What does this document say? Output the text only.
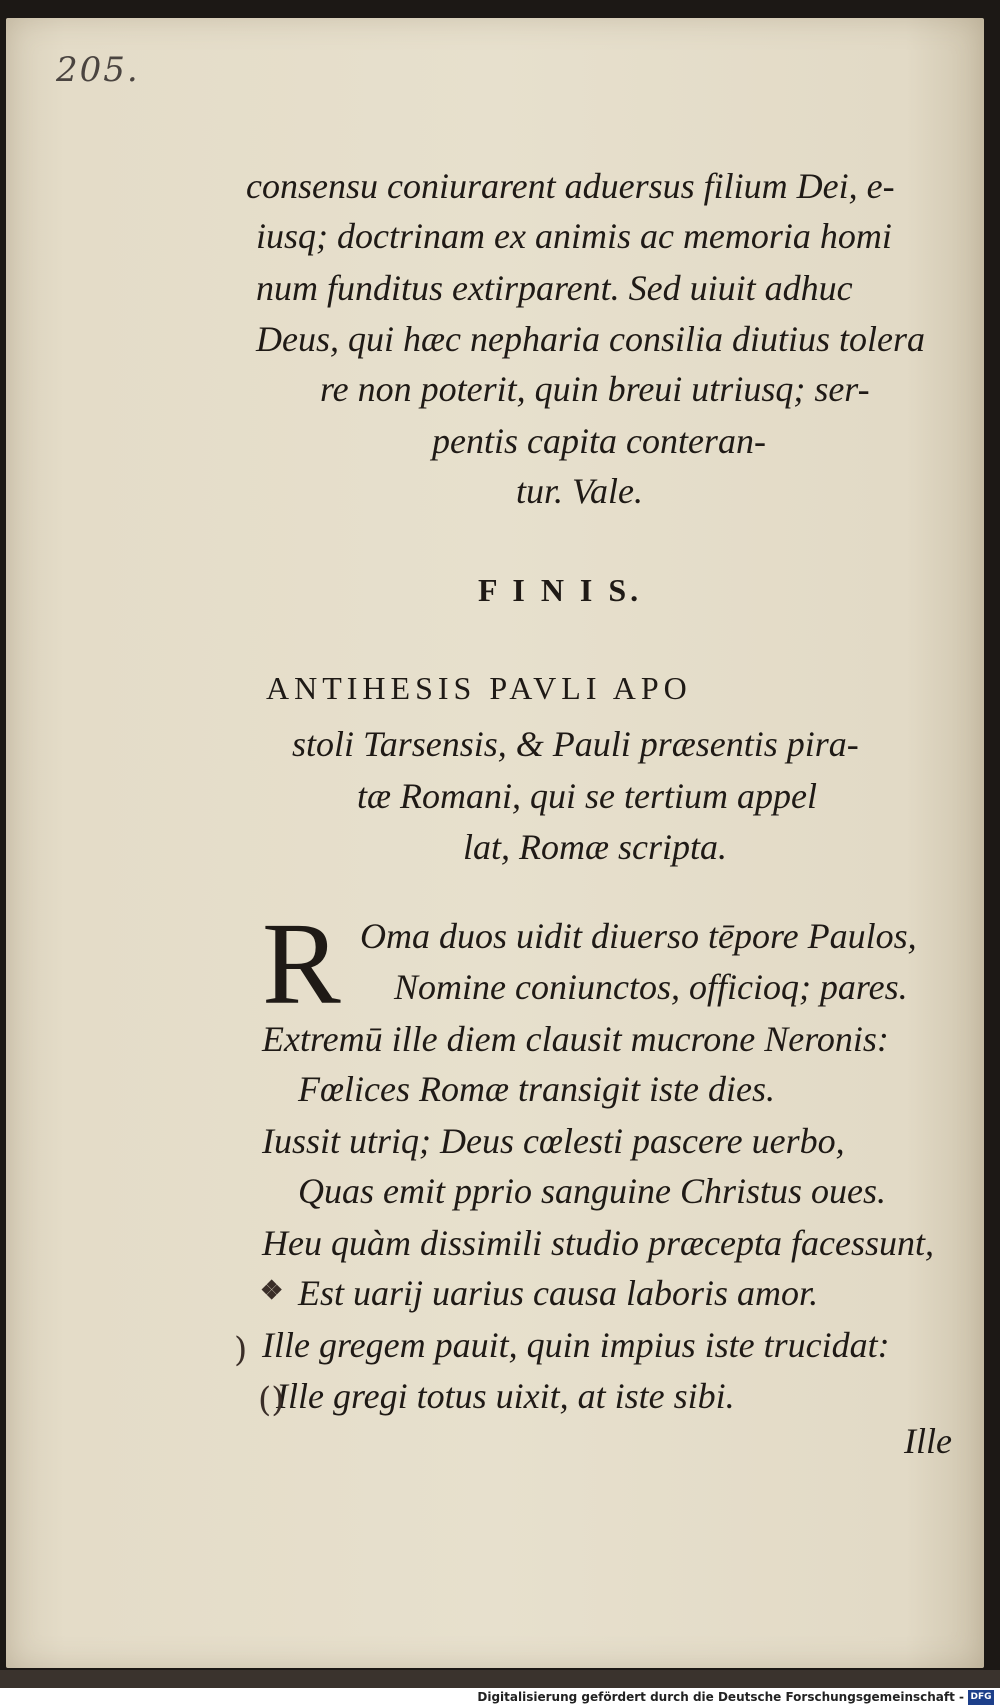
205.
consensu coniurarent aduersus filium Dei, e-
iusq; doctrinam ex animis ac memoria homi
num funditus extirparent. Sed uiuit adhuc
Deus, qui hæc nepharia consilia diutius tolera
re non poterit, quin breui utriusq; ser-
pentis capita conteran-
tur. Vale.
F I N I S.
ANTIHESIS PAVLI APO
stoli Tarsensis, & Pauli præsentis pira-
tæ Romani, qui se tertium appel
lat, Romæ scripta.
R Oma duos uidit diuerso tēpore Paulos,
Nomine coniunctos, officioq; pares.
Extremū ille diem clausit mucrone Neronis:
Fœlices Romæ transigit iste dies.
Iussit utriq; Deus cœlesti pascere uerbo,
Quas emit pprio sanguine Christus oues.
Heu quàm dissimili studio præcepta facessunt,
Est uarij uarius causa laboris amor.
Ille gregem pauit, quin impius iste trucidat:
Ille gregi totus uixit, at iste sibi.
)
()
❖
Ille
Digitalisierung gefördert durch die Deutsche Forschungsgemeinschaft - DFG
